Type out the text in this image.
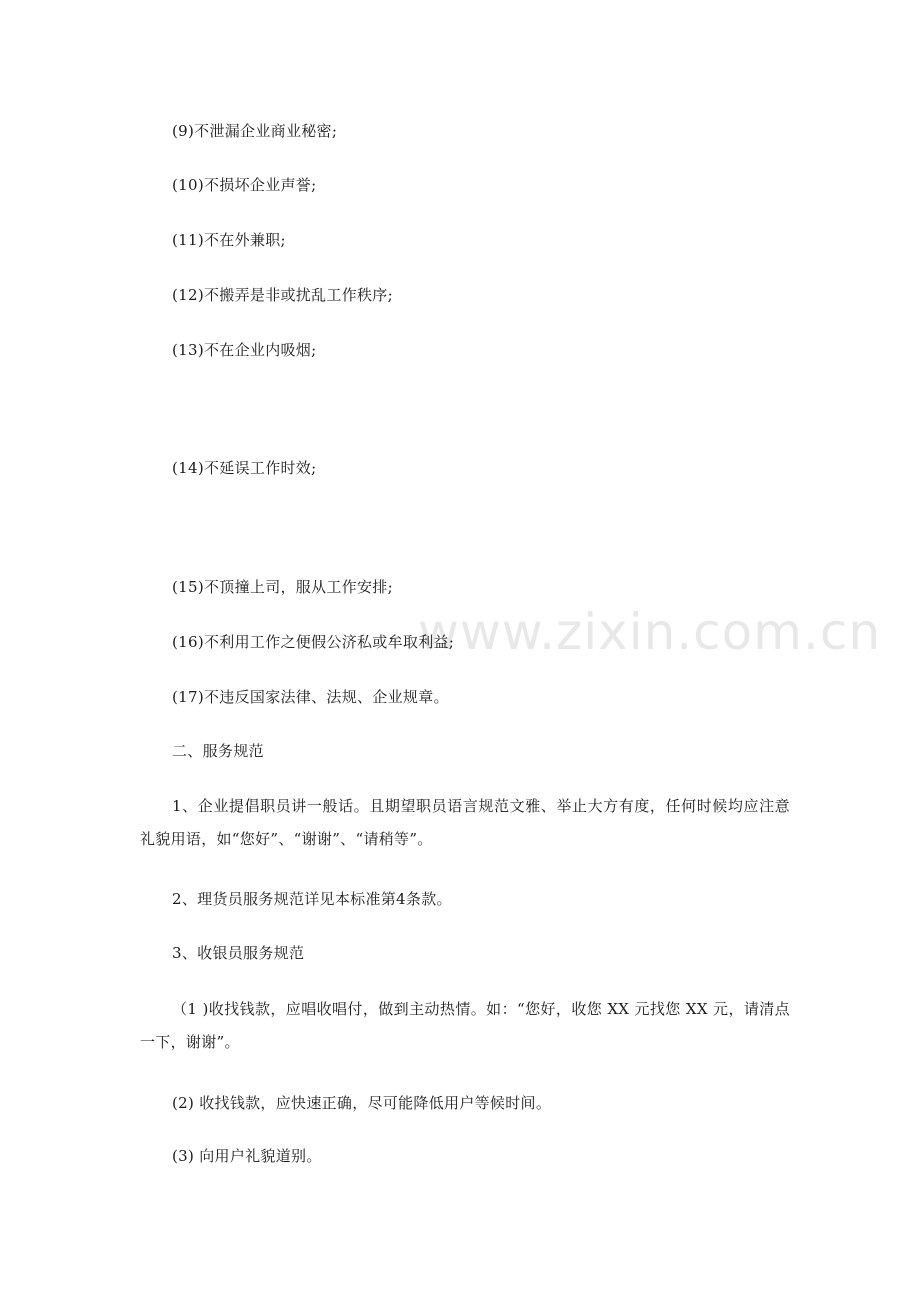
www.zixin.com.cn
(9)不泄漏企业商业秘密;
(10)不损坏企业声誉;
(11)不在外兼职;
(12)不搬弄是非或扰乱工作秩序;
(13)不在企业内吸烟;
(14)不延误工作时效;
(15)不顶撞上司，服从工作安排;
(16)不利用工作之便假公济私或牟取利益;
(17)不违反国家法律、法规、企业规章。
二、服务规范
1、企业提倡职员讲一般话。且期望职员语言规范文雅、举止大方有度，任何时候均应注意礼貌用语，如“您好”、“谢谢”、“请稍等”。
2、理货员服务规范详见本标准第4条款。
3、收银员服务规范
（1 )收找钱款，应唱收唱付，做到主动热情。如：“您好，收您 XX 元找您 XX 元，请清点一下，谢谢”。
(2) 收找钱款，应快速正确，尽可能降低用户等候时间。
(3) 向用户礼貌道别。
